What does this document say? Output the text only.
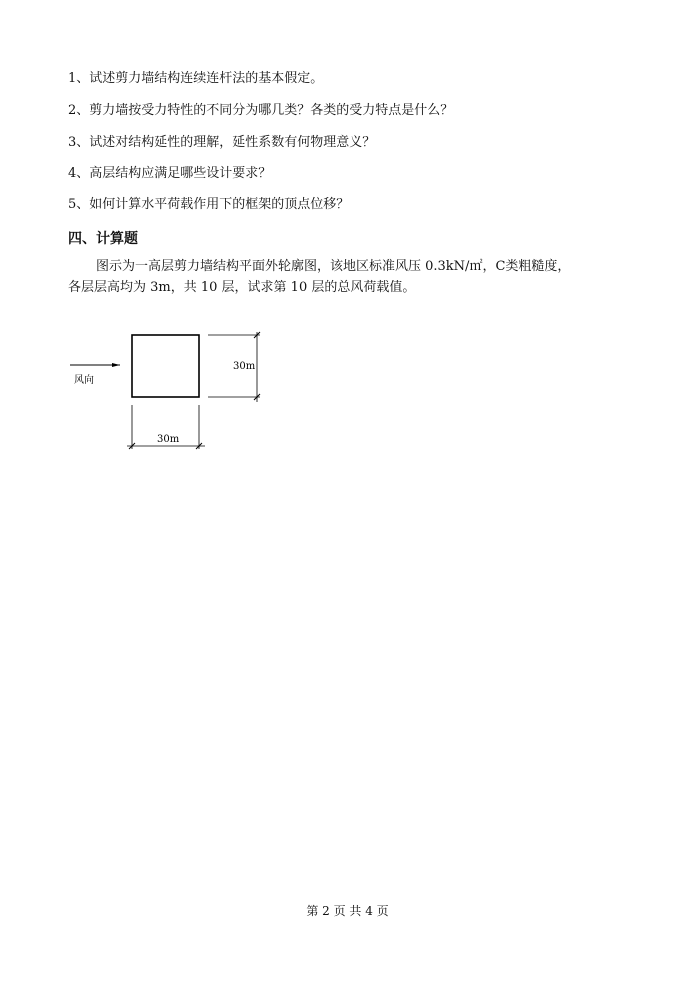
1、试述剪力墙结构连续连杆法的基本假定。
2、剪力墙按受力特性的不同分为哪几类？各类的受力特点是什么？
3、试述对结构延性的理解，延性系数有何物理意义？
4、高层结构应满足哪些设计要求？
5、如何计算水平荷载作用下的框架的顶点位移？
四、计算题
图示为一高层剪力墙结构平面外轮廓图，该地区标准风压 0.3kN/㎡，C类粗糙度，
各层层高均为 3m，共 10 层，试求第 10 层的总风荷载值。
风向
30m
30m
第 2 页 共 4 页
